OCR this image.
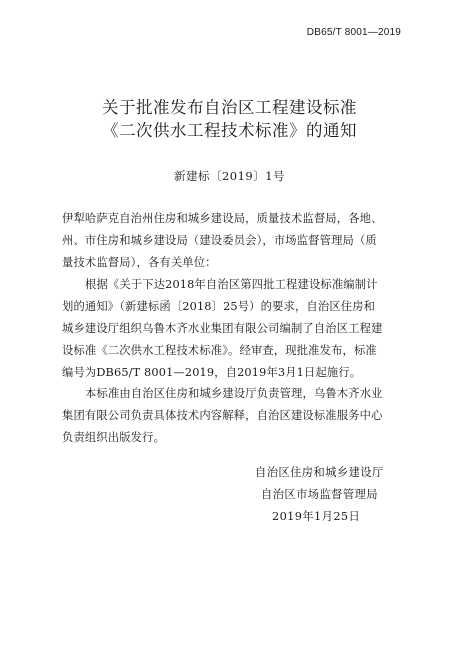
DB65/T 8001—2019
关于批准发布自治区工程建设标准
《二次供水工程技术标准》的通知
新建标〔2019〕1号
伊犁哈萨克自治州住房和城乡建设局，质量技术监督局，各地、
州、市住房和城乡建设局（建设委员会），市场监督管理局（质
量技术监督局），各有关单位：
根据《关于下达2018年自治区第四批工程建设标准编制计
划的通知》（新建标函〔2018〕25号）的要求，自治区住房和
城乡建设厅组织乌鲁木齐水业集团有限公司编制了自治区工程建
设标准《二次供水工程技术标准》。经审查，现批准发布，标准
编号为DB65/T 8001—2019，自2019年3月1日起施行。
本标准由自治区住房和城乡建设厅负责管理，乌鲁木齐水业
集团有限公司负责具体技术内容解释，自治区建设标准服务中心
负责组织出版发行。
自治区住房和城乡建设厅
自治区市场监督管理局
2019年1月25日
